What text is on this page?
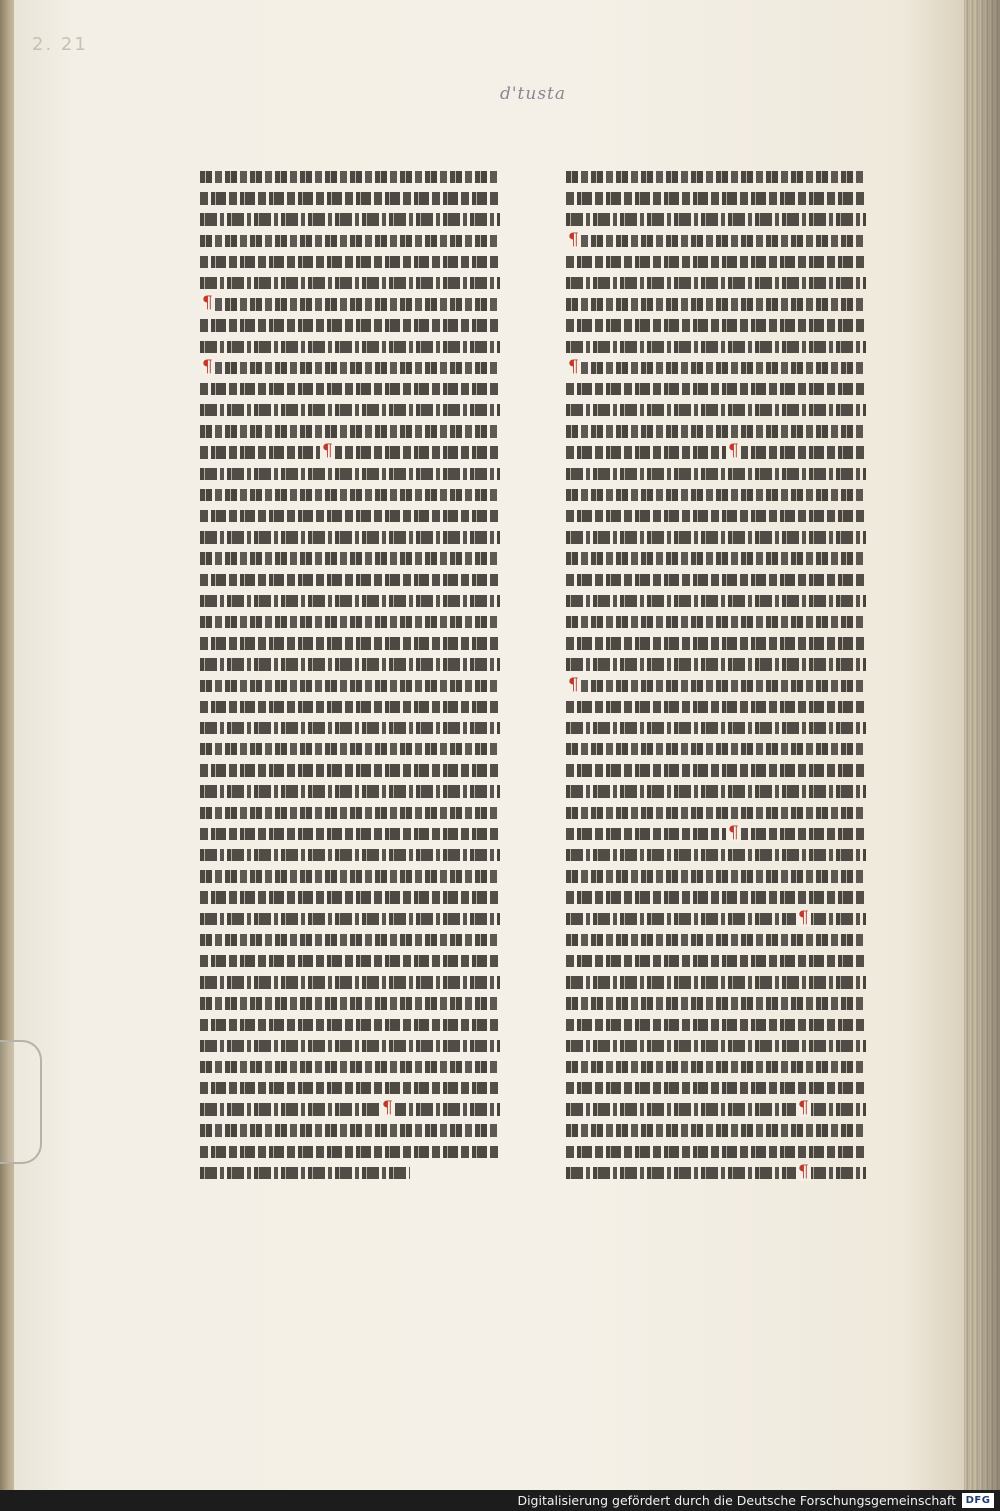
2. 21
d'tusta
¶
¶
¶
¶
¶
¶
¶
¶
¶
¶
¶
¶
Digitalisierung gefördert durch die Deutsche Forschungsgemeinschaft DFG
